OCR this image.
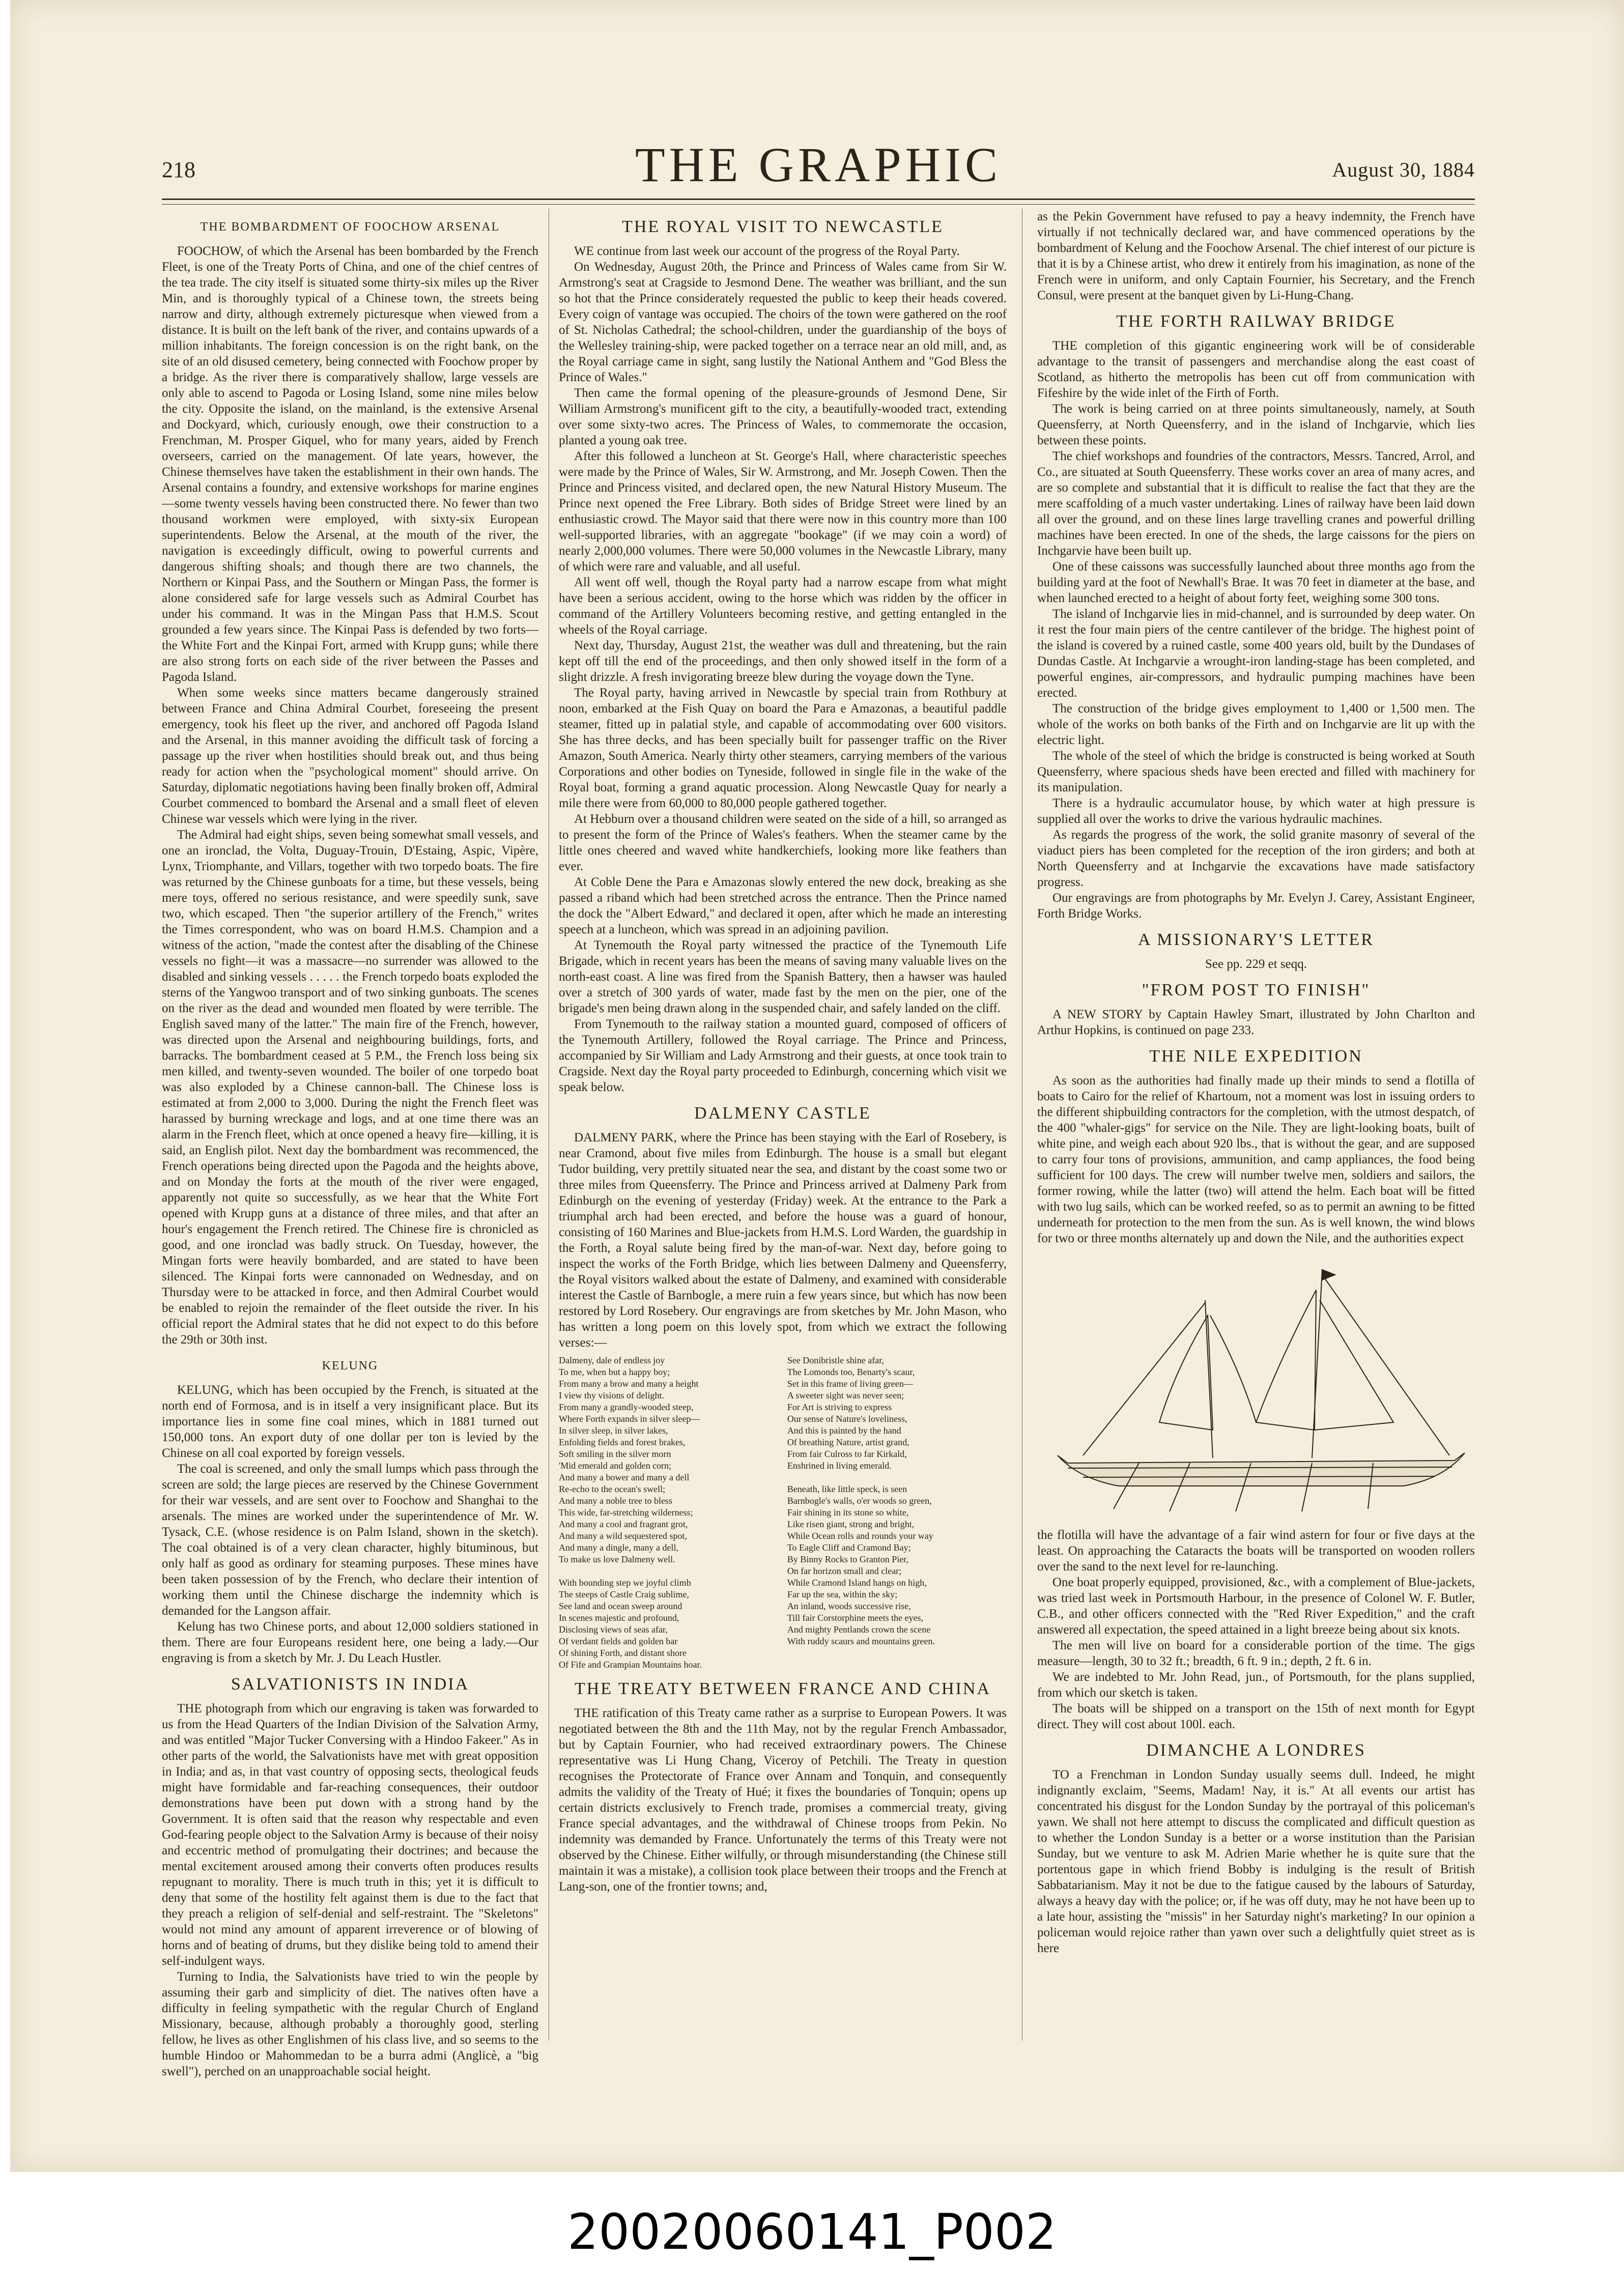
218	THE GRAPHIC	August 30, 1884
THE BOMBARDMENT OF FOOCHOW ARSENAL

FOOCHOW, of which the Arsenal has been bombarded by the French Fleet, is one of the Treaty Ports of China, and one of the chief centres of the tea trade. The city itself is situated some thirty-six miles up the River Min, and is thoroughly typical of a Chinese town, the streets being narrow and dirty, although extremely picturesque when viewed from a distance. It is built on the left bank of the river, and contains upwards of a million inhabitants. The foreign concession is on the right bank, on the site of an old disused cemetery, being connected with Foochow proper by a bridge. As the river there is comparatively shallow, large vessels are only able to ascend to Pagoda or Losing Island, some nine miles below the city. Opposite the island, on the mainland, is the extensive Arsenal and Dockyard, which, curiously enough, owe their construction to a Frenchman, M. Prosper Giquel, who for many years, aided by French overseers, carried on the management. Of late years, however, the Chinese themselves have taken the establishment in their own hands. The Arsenal contains a foundry, and extensive workshops for marine engines—some twenty vessels having been constructed there. No fewer than two thousand workmen were employed, with sixty-six European superintendents. Below the Arsenal, at the mouth of the river, the navigation is exceedingly difficult, owing to powerful currents and dangerous shifting shoals; and though there are two channels, the Northern or Kinpai Pass, and the Southern or Mingan Pass, the former is alone considered safe for large vessels such as Admiral Courbet has under his command. It was in the Mingan Pass that H.M.S. Scout grounded a few years since. The Kinpai Pass is defended by two forts—the White Fort and the Kinpai Fort, armed with Krupp guns; while there are also strong forts on each side of the river between the Passes and Pagoda Island.

When some weeks since matters became dangerously strained between France and China Admiral Courbet, foreseeing the present emergency, took his fleet up the river, and anchored off Pagoda Island and the Arsenal, in this manner avoiding the difficult task of forcing a passage up the river when hostilities should break out, and thus being ready for action when the "psychological moment" should arrive. On Saturday, diplomatic negotiations having been finally broken off, Admiral Courbet commenced to bombard the Arsenal and a small fleet of eleven Chinese war vessels which were lying in the river.

The Admiral had eight ships, seven being somewhat small vessels, and one an ironclad, the Volta, Duguay-Trouin, D'Estaing, Aspic, Vipère, Lynx, Triomphante, and Villars, together with two torpedo boats. The fire was returned by the Chinese gunboats for a time, but these vessels, being mere toys, offered no serious resistance, and were speedily sunk, save two, which escaped. Then "the superior artillery of the French," writes the Times correspondent, who was on board H.M.S. Champion and a witness of the action, "made the contest after the disabling of the Chinese vessels no fight—it was a massacre—no surrender was allowed to the disabled and sinking vessels . . . . . the French torpedo boats exploded the sterns of the Yangwoo transport and of two sinking gunboats. The scenes on the river as the dead and wounded men floated by were terrible. The English saved many of the latter." The main fire of the French, however, was directed upon the Arsenal and neighbouring buildings, forts, and barracks. The bombardment ceased at 5 P.M., the French loss being six men killed, and twenty-seven wounded. The boiler of one torpedo boat was also exploded by a Chinese cannon-ball. The Chinese loss is estimated at from 2,000 to 3,000. During the night the French fleet was harassed by burning wreckage and logs, and at one time there was an alarm in the French fleet, which at once opened a heavy fire—killing, it is said, an English pilot. Next day the bombardment was recommenced, the French operations being directed upon the Pagoda and the heights above, and on Monday the forts at the mouth of the river were engaged, apparently not quite so successfully, as we hear that the White Fort opened with Krupp guns at a distance of three miles, and that after an hour's engagement the French retired. The Chinese fire is chronicled as good, and one ironclad was badly struck. On Tuesday, however, the Mingan forts were heavily bombarded, and are stated to have been silenced. The Kinpai forts were cannonaded on Wednesday, and on Thursday were to be attacked in force, and then Admiral Courbet would be enabled to rejoin the remainder of the fleet outside the river. In his official report the Admiral states that he did not expect to do this before the 29th or 30th inst.

KELUNG

KELUNG, which has been occupied by the French, is situated at the north end of Formosa, and is in itself a very insignificant place. But its importance lies in some fine coal mines, which in 1881 turned out 150,000 tons. An export duty of one dollar per ton is levied by the Chinese on all coal exported by foreign vessels.

The coal is screened, and only the small lumps which pass through the screen are sold; the large pieces are reserved by the Chinese Government for their war vessels, and are sent over to Foochow and Shanghai to the arsenals. The mines are worked under the superintendence of Mr. W. Tysack, C.E. (whose residence is on Palm Island, shown in the sketch). The coal obtained is of a very clean character, highly bituminous, but only half as good as ordinary for steaming purposes. These mines have been taken possession of by the French, who declare their intention of working them until the Chinese discharge the indemnity which is demanded for the Langson affair.

Kelung has two Chinese ports, and about 12,000 soldiers stationed in them. There are four Europeans resident here, one being a lady.—Our engraving is from a sketch by Mr. J. Du Leach Hustler.

SALVATIONISTS IN INDIA

THE photograph from which our engraving is taken was forwarded to us from the Head Quarters of the Indian Division of the Salvation Army, and was entitled "Major Tucker Conversing with a Hindoo Fakeer." As in other parts of the world, the Salvationists have met with great opposition in India; and as, in that vast country of opposing sects, theological feuds might have formidable and far-reaching consequences, their outdoor demonstrations have been put down with a strong hand by the Government. It is often said that the reason why respectable and even God-fearing people object to the Salvation Army is because of their noisy and eccentric method of promulgating their doctrines; and because the mental excitement aroused among their converts often produces results repugnant to morality. There is much truth in this; yet it is difficult to deny that some of the hostility felt against them is due to the fact that they preach a religion of self-denial and self-restraint. The "Skeletons" would not mind any amount of apparent irreverence or of blowing of horns and of beating of drums, but they dislike being told to amend their self-indulgent ways.

Turning to India, the Salvationists have tried to win the people by assuming their garb and simplicity of diet. The natives often have a difficulty in feeling sympathetic with the regular Church of England Missionary, because, although probably a thoroughly good, sterling fellow, he lives as other Englishmen of his class live, and so seems to the humble Hindoo or Mahommedan to be a burra admi (Anglicè, a "big swell"), perched on an unapproachable social height.

THE ROYAL VISIT TO NEWCASTLE

WE continue from last week our account of the progress of the Royal Party.

On Wednesday, August 20th, the Prince and Princess of Wales came from Sir W. Armstrong's seat at Cragside to Jesmond Dene. The weather was brilliant, and the sun so hot that the Prince considerately requested the public to keep their heads covered. Every coign of vantage was occupied. The choirs of the town were gathered on the roof of St. Nicholas Cathedral; the school-children, under the guardianship of the boys of the Wellesley training-ship, were packed together on a terrace near an old mill, and, as the Royal carriage came in sight, sang lustily the National Anthem and "God Bless the Prince of Wales."

Then came the formal opening of the pleasure-grounds of Jesmond Dene, Sir William Armstrong's munificent gift to the city, a beautifully-wooded tract, extending over some sixty-two acres. The Princess of Wales, to commemorate the occasion, planted a young oak tree.

After this followed a luncheon at St. George's Hall, where characteristic speeches were made by the Prince of Wales, Sir W. Armstrong, and Mr. Joseph Cowen. Then the Prince and Princess visited, and declared open, the new Natural History Museum. The Prince next opened the Free Library. Both sides of Bridge Street were lined by an enthusiastic crowd. The Mayor said that there were now in this country more than 100 well-supported libraries, with an aggregate "bookage" (if we may coin a word) of nearly 2,000,000 volumes. There were 50,000 volumes in the Newcastle Library, many of which were rare and valuable, and all useful.

All went off well, though the Royal party had a narrow escape from what might have been a serious accident, owing to the horse which was ridden by the officer in command of the Artillery Volunteers becoming restive, and getting entangled in the wheels of the Royal carriage.

Next day, Thursday, August 21st, the weather was dull and threatening, but the rain kept off till the end of the proceedings, and then only showed itself in the form of a slight drizzle. A fresh invigorating breeze blew during the voyage down the Tyne.

The Royal party, having arrived in Newcastle by special train from Rothbury at noon, embarked at the Fish Quay on board the Para e Amazonas, a beautiful paddle steamer, fitted up in palatial style, and capable of accommodating over 600 visitors. She has three decks, and has been specially built for passenger traffic on the River Amazon, South America. Nearly thirty other steamers, carrying members of the various Corporations and other bodies on Tyneside, followed in single file in the wake of the Royal boat, forming a grand aquatic procession. Along Newcastle Quay for nearly a mile there were from 60,000 to 80,000 people gathered together.

At Hebburn over a thousand children were seated on the side of a hill, so arranged as to present the form of the Prince of Wales's feathers. When the steamer came by the little ones cheered and waved white handkerchiefs, looking more like feathers than ever.

At Coble Dene the Para e Amazonas slowly entered the new dock, breaking as she passed a riband which had been stretched across the entrance. Then the Prince named the dock the "Albert Edward," and declared it open, after which he made an interesting speech at a luncheon, which was spread in an adjoining pavilion.

At Tynemouth the Royal party witnessed the practice of the Tynemouth Life Brigade, which in recent years has been the means of saving many valuable lives on the north-east coast. A line was fired from the Spanish Battery, then a hawser was hauled over a stretch of 300 yards of water, made fast by the men on the pier, one of the brigade's men being drawn along in the suspended chair, and safely landed on the cliff.

From Tynemouth to the railway station a mounted guard, composed of officers of the Tynemouth Artillery, followed the Royal carriage. The Prince and Princess, accompanied by Sir William and Lady Armstrong and their guests, at once took train to Cragside. Next day the Royal party proceeded to Edinburgh, concerning which visit we speak below.

DALMENY CASTLE

DALMENY PARK, where the Prince has been staying with the Earl of Rosebery, is near Cramond, about five miles from Edinburgh. The house is a small but elegant Tudor building, very prettily situated near the sea, and distant by the coast some two or three miles from Queensferry. The Prince and Princess arrived at Dalmeny Park from Edinburgh on the evening of yesterday (Friday) week. At the entrance to the Park a triumphal arch had been erected, and before the house was a guard of honour, consisting of 160 Marines and Blue-jackets from H.M.S. Lord Warden, the guardship in the Forth, a Royal salute being fired by the man-of-war. Next day, before going to inspect the works of the Forth Bridge, which lies between Dalmeny and Queensferry, the Royal visitors walked about the estate of Dalmeny, and examined with considerable interest the Castle of Barnbogle, a mere ruin a few years since, but which has now been restored by Lord Rosebery. Our engravings are from sketches by Mr. John Mason, who has written a long poem on this lovely spot, from which we extract the following verses:—

Dalmeny, dale of endless joy
To me, when but a happy boy;
From many a brow and many a height
I view thy visions of delight.
From many a grandly-wooded steep,
Where Forth expands in silver sleep—
In silver sleep, in silver lakes,
Enfolding fields and forest brakes,
Soft smiling in the silver morn
'Mid emerald and golden corn;
And many a bower and many a dell
Re-echo to the ocean's swell;
And many a noble tree to bless
This wide, far-stretching wilderness;
And many a cool and fragrant grot,
And many a wild sequestered spot,
And many a dingle, many a dell,
To make us love Dalmeny well.

With bounding step we joyful climb
The steeps of Castle Craig sublime,
See land and ocean sweep around
In scenes majestic and profound,
Disclosing views of seas afar,
Of verdant fields and golden bar
Of shining Forth, and distant shore
Of Fife and Grampian Mountains hoar.
See Donibristle shine afar,
The Lomonds too, Benarty's scaur,
Set in this frame of living green—
A sweeter sight was never seen;
For Art is striving to express
Our sense of Nature's loveliness,
And this is painted by the hand
Of breathing Nature, artist grand,
From fair Culross to far Kirkald,
Enshrined in living emerald.

Beneath, like little speck, is seen
Barnbogle's walls, o'er woods so green,
Fair shining in its stone so white,
Like risen giant, strong and bright,
While Ocean rolls and rounds your way
To Eagle Cliff and Cramond Bay;
By Binny Rocks to Granton Pier,
On far horizon small and clear;
While Cramond Island hangs on high,
Far up the sea, within the sky;
An inland, woods successive rise,
Till fair Corstorphine meets the eyes,
And mighty Pentlands crown the scene
With ruddy scaurs and mountains green.
THE TREATY BETWEEN FRANCE AND CHINA

THE ratification of this Treaty came rather as a surprise to European Powers. It was negotiated between the 8th and the 11th May, not by the regular French Ambassador, but by Captain Fournier, who had received extraordinary powers. The Chinese representative was Li Hung Chang, Viceroy of Petchili. The Treaty in question recognises the Protectorate of France over Annam and Tonquin, and consequently admits the validity of the Treaty of Hué; it fixes the boundaries of Tonquin; opens up certain districts exclusively to French trade, promises a commercial treaty, giving France special advantages, and the withdrawal of Chinese troops from Pekin. No indemnity was demanded by France. Unfortunately the terms of this Treaty were not observed by the Chinese. Either wilfully, or through misunderstanding (the Chinese still maintain it was a mistake), a collision took place between their troops and the French at Lang-son, one of the frontier towns; and,

as the Pekin Government have refused to pay a heavy indemnity, the French have virtually if not technically declared war, and have commenced operations by the bombardment of Kelung and the Foochow Arsenal. The chief interest of our picture is that it is by a Chinese artist, who drew it entirely from his imagination, as none of the French were in uniform, and only Captain Fournier, his Secretary, and the French Consul, were present at the banquet given by Li-Hung-Chang.

THE FORTH RAILWAY BRIDGE

THE completion of this gigantic engineering work will be of considerable advantage to the transit of passengers and merchandise along the east coast of Scotland, as hitherto the metropolis has been cut off from communication with Fifeshire by the wide inlet of the Firth of Forth.

The work is being carried on at three points simultaneously, namely, at South Queensferry, at North Queensferry, and in the island of Inchgarvie, which lies between these points.

The chief workshops and foundries of the contractors, Messrs. Tancred, Arrol, and Co., are situated at South Queensferry. These works cover an area of many acres, and are so complete and substantial that it is difficult to realise the fact that they are the mere scaffolding of a much vaster undertaking. Lines of railway have been laid down all over the ground, and on these lines large travelling cranes and powerful drilling machines have been erected. In one of the sheds, the large caissons for the piers on Inchgarvie have been built up.

One of these caissons was successfully launched about three months ago from the building yard at the foot of Newhall's Brae. It was 70 feet in diameter at the base, and when launched erected to a height of about forty feet, weighing some 300 tons.

The island of Inchgarvie lies in mid-channel, and is surrounded by deep water. On it rest the four main piers of the centre cantilever of the bridge. The highest point of the island is covered by a ruined castle, some 400 years old, built by the Dundases of Dundas Castle. At Inchgarvie a wrought-iron landing-stage has been completed, and powerful engines, air-compressors, and hydraulic pumping machines have been erected.

The construction of the bridge gives employment to 1,400 or 1,500 men. The whole of the works on both banks of the Firth and on Inchgarvie are lit up with the electric light.

The whole of the steel of which the bridge is constructed is being worked at South Queensferry, where spacious sheds have been erected and filled with machinery for its manipulation.

There is a hydraulic accumulator house, by which water at high pressure is supplied all over the works to drive the various hydraulic machines.

As regards the progress of the work, the solid granite masonry of several of the viaduct piers has been completed for the reception of the iron girders; and both at North Queensferry and at Inchgarvie the excavations have made satisfactory progress.

Our engravings are from photographs by Mr. Evelyn J. Carey, Assistant Engineer, Forth Bridge Works.

A MISSIONARY'S LETTER

See pp. 229 et seqq.

"FROM POST TO FINISH"

A NEW STORY by Captain Hawley Smart, illustrated by John Charlton and Arthur Hopkins, is continued on page 233.

THE NILE EXPEDITION

As soon as the authorities had finally made up their minds to send a flotilla of boats to Cairo for the relief of Khartoum, not a moment was lost in issuing orders to the different shipbuilding contractors for the completion, with the utmost despatch, of the 400 "whaler-gigs" for service on the Nile. They are light-looking boats, built of white pine, and weigh each about 920 lbs., that is without the gear, and are supposed to carry four tons of provisions, ammunition, and camp appliances, the food being sufficient for 100 days. The crew will number twelve men, soldiers and sailors, the former rowing, while the latter (two) will attend the helm. Each boat will be fitted with two lug sails, which can be worked reefed, so as to permit an awning to be fitted underneath for protection to the men from the sun. As is well known, the wind blows for two or three months alternately up and down the Nile, and the authorities expect

the flotilla will have the advantage of a fair wind astern for four or five days at the least. On approaching the Cataracts the boats will be transported on wooden rollers over the sand to the next level for re-launching.

One boat properly equipped, provisioned, &c., with a complement of Blue-jackets, was tried last week in Portsmouth Harbour, in the presence of Colonel W. F. Butler, C.B., and other officers connected with the "Red River Expedition," and the craft answered all expectation, the speed attained in a light breeze being about six knots.

The men will live on board for a considerable portion of the time. The gigs measure—length, 30 to 32 ft.; breadth, 6 ft. 9 in.; depth, 2 ft. 6 in.

We are indebted to Mr. John Read, jun., of Portsmouth, for the plans supplied, from which our sketch is taken.

The boats will be shipped on a transport on the 15th of next month for Egypt direct. They will cost about 100l. each.

DIMANCHE A LONDRES

TO a Frenchman in London Sunday usually seems dull. Indeed, he might indignantly exclaim, "Seems, Madam! Nay, it is." At all events our artist has concentrated his disgust for the London Sunday by the portrayal of this policeman's yawn. We shall not here attempt to discuss the complicated and difficult question as to whether the London Sunday is a better or a worse institution than the Parisian Sunday, but we venture to ask M. Adrien Marie whether he is quite sure that the portentous gape in which friend Bobby is indulging is the result of British Sabbatarianism. May it not be due to the fatigue caused by the labours of Saturday, always a heavy day with the police; or, if he was off duty, may he not have been up to a late hour, assisting the "missis" in her Saturday night's marketing? In our opinion a policeman would rejoice rather than yawn over such a delightfully quiet street as is here

20020060141_P002
